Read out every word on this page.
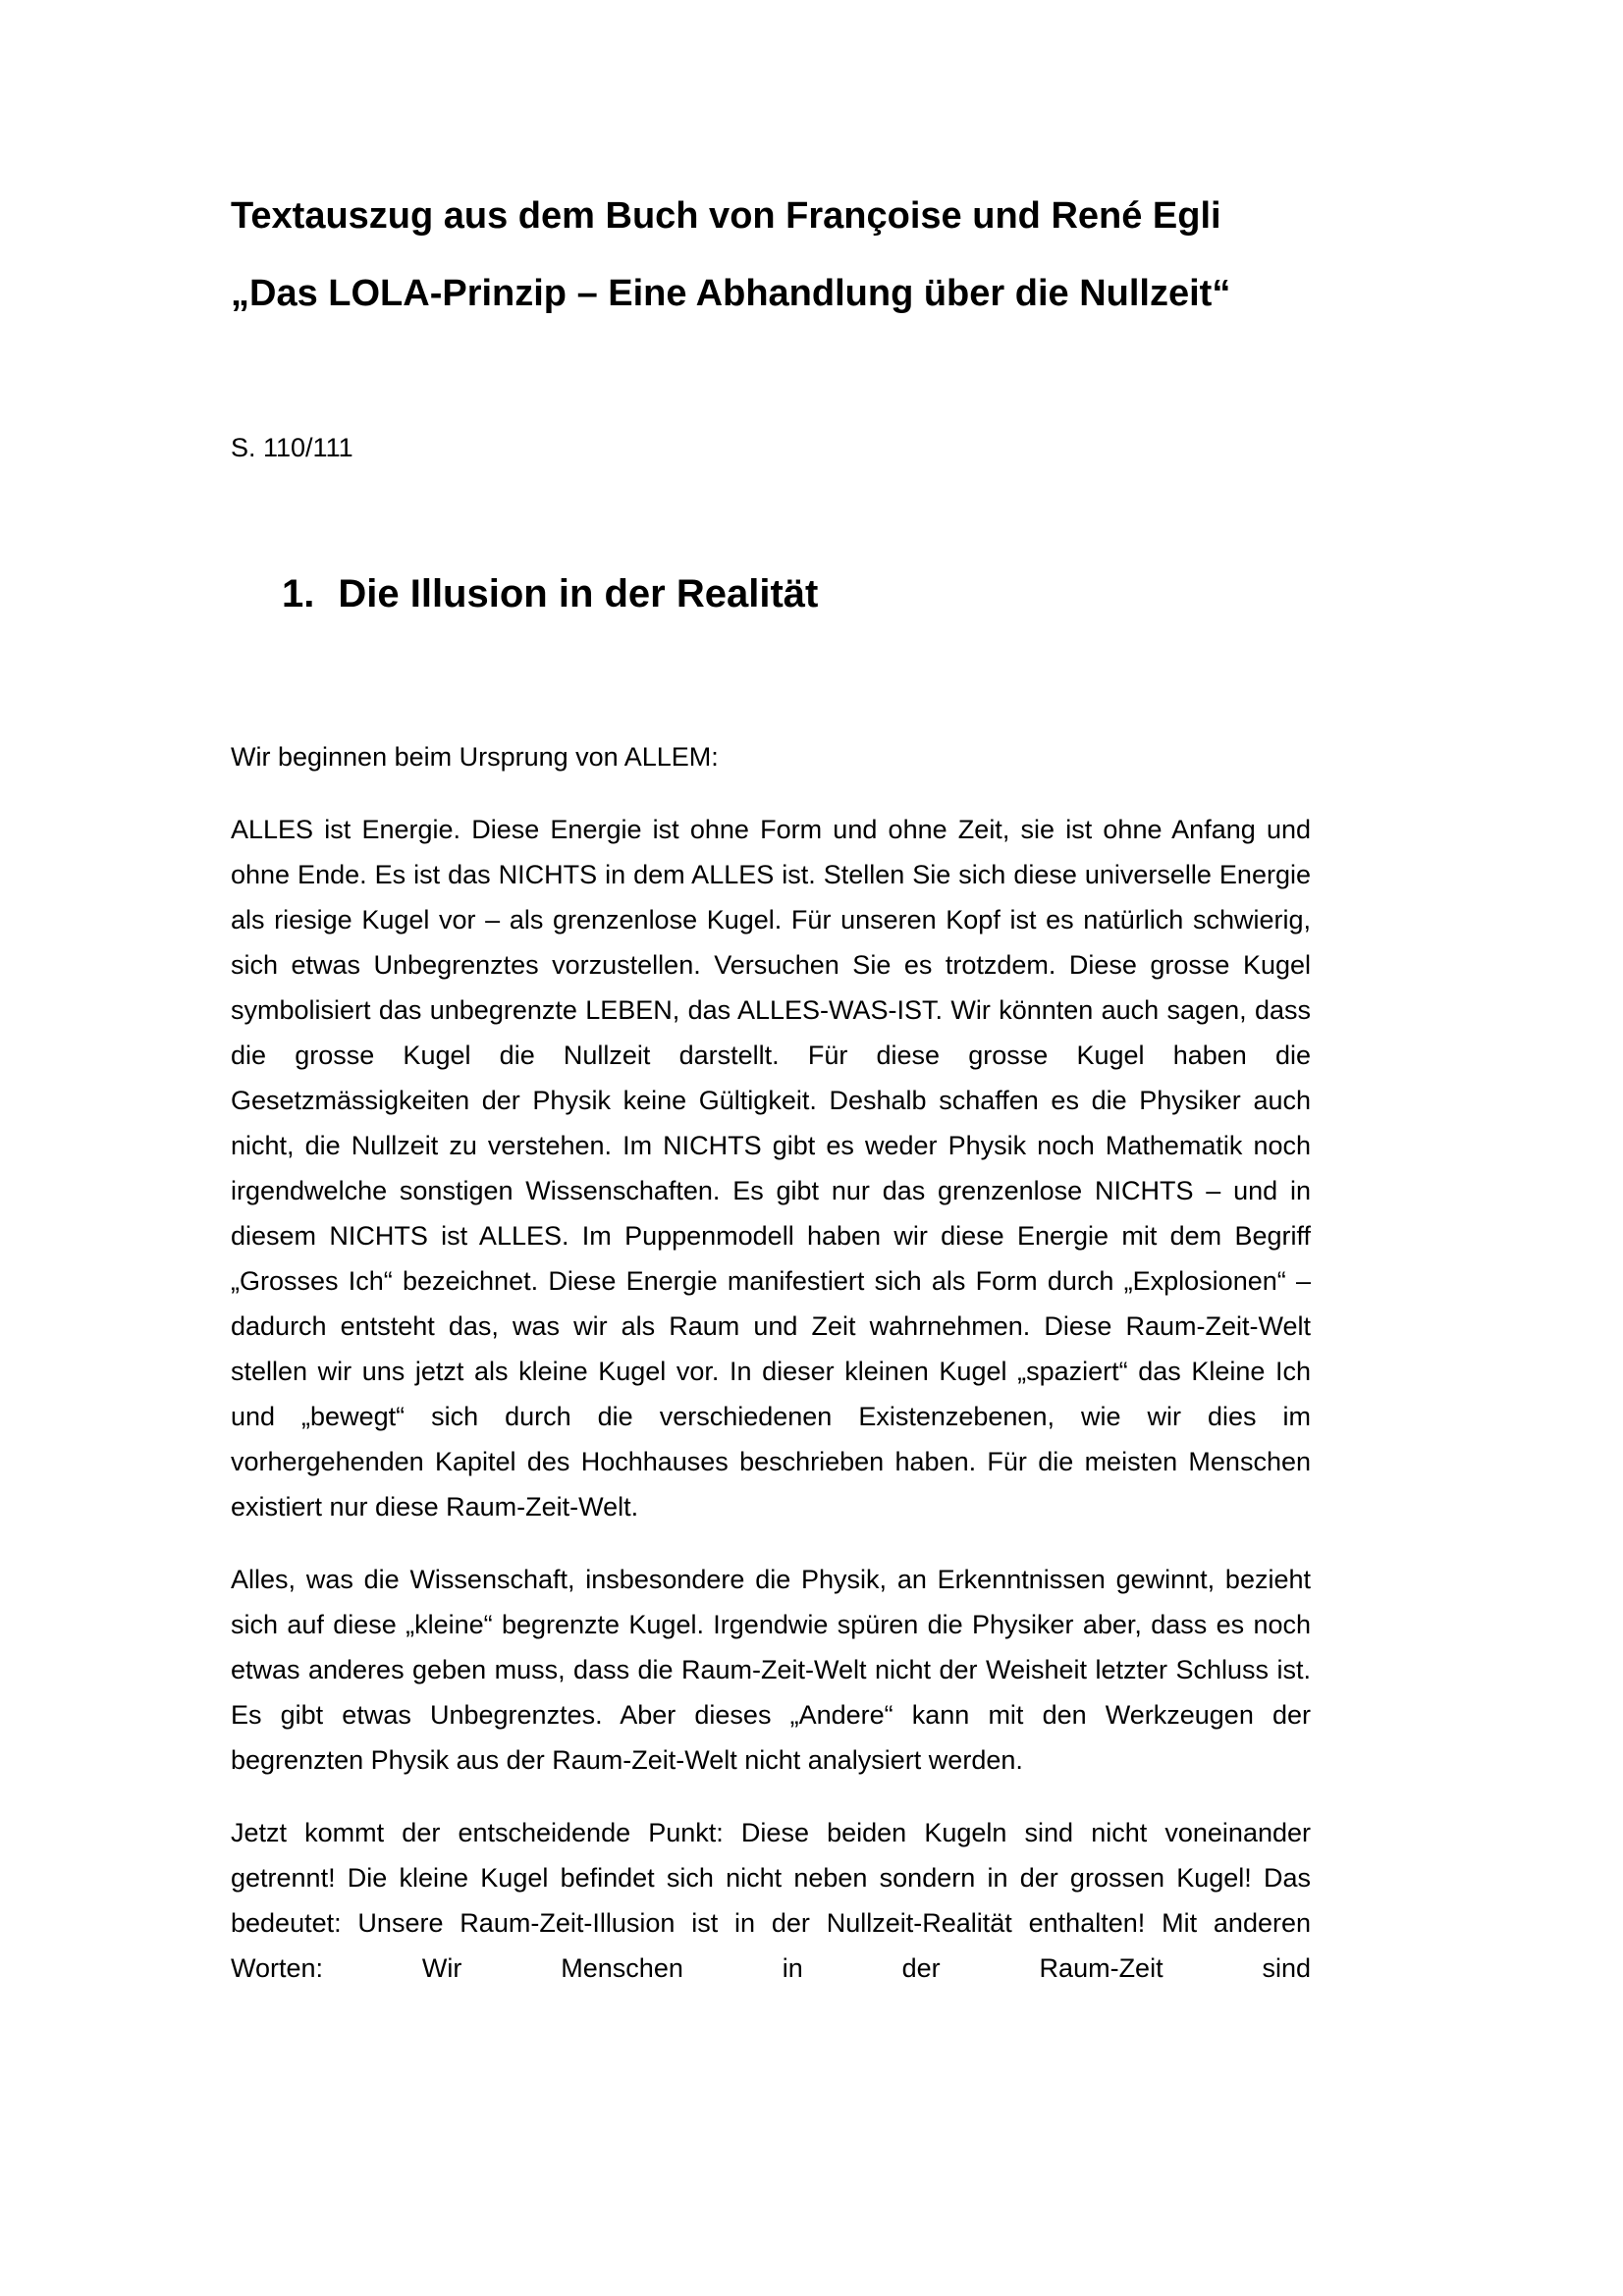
Textauszug aus dem Buch von Françoise und René Egli

„Das LOLA-Prinzip – Eine Abhandlung über die Nullzeit“

S. 110/111

1. Die Illusion in der Realität

Wir beginnen beim Ursprung von ALLEM:

ALLES ist Energie. Diese Energie ist ohne Form und ohne Zeit, sie ist ohne Anfang und ohne Ende. Es ist das NICHTS in dem ALLES ist. Stellen Sie sich diese universelle Energie als riesige Kugel vor – als grenzenlose Kugel. Für unseren Kopf ist es natürlich schwierig, sich etwas Unbegrenztes vorzustellen. Versuchen Sie es trotzdem. Diese grosse Kugel symbolisiert das unbegrenzte LEBEN, das ALLES-WAS-IST. Wir könnten auch sagen, dass die grosse Kugel die Nullzeit darstellt. Für diese grosse Kugel haben die Gesetzmässigkeiten der Physik keine Gültigkeit. Deshalb schaffen es die Physiker auch nicht, die Nullzeit zu verstehen. Im NICHTS gibt es weder Physik noch Mathematik noch irgendwelche sonstigen Wissenschaften. Es gibt nur das grenzenlose NICHTS – und in diesem NICHTS ist ALLES. Im Puppenmodell haben wir diese Energie mit dem Begriff „Grosses Ich“ bezeichnet. Diese Energie manifestiert sich als Form durch „Explosionen“ – dadurch entsteht das, was wir als Raum und Zeit wahrnehmen. Diese Raum-Zeit-Welt stellen wir uns jetzt als kleine Kugel vor. In dieser kleinen Kugel „spaziert“ das Kleine Ich und „bewegt“ sich durch die verschiedenen Existenzebenen, wie wir dies im vorhergehenden Kapitel des Hochhauses beschrieben haben. Für die meisten Menschen existiert nur diese Raum-Zeit-Welt.

Alles, was die Wissenschaft, insbesondere die Physik, an Erkenntnissen gewinnt, bezieht sich auf diese „kleine“ begrenzte Kugel. Irgendwie spüren die Physiker aber, dass es noch etwas anderes geben muss, dass die Raum-Zeit-Welt nicht der Weisheit letzter Schluss ist. Es gibt etwas Unbegrenztes. Aber dieses „Andere“ kann mit den Werkzeugen der begrenzten Physik aus der Raum-Zeit-Welt nicht analysiert werden.

Jetzt kommt der entscheidende Punkt: Diese beiden Kugeln sind nicht voneinander getrennt! Die kleine Kugel befindet sich nicht neben sondern in der grossen Kugel! Das bedeutet: Unsere Raum-Zeit-Illusion ist in der Nullzeit-Realität enthalten! Mit anderen Worten: Wir Menschen in der Raum-Zeit sind
